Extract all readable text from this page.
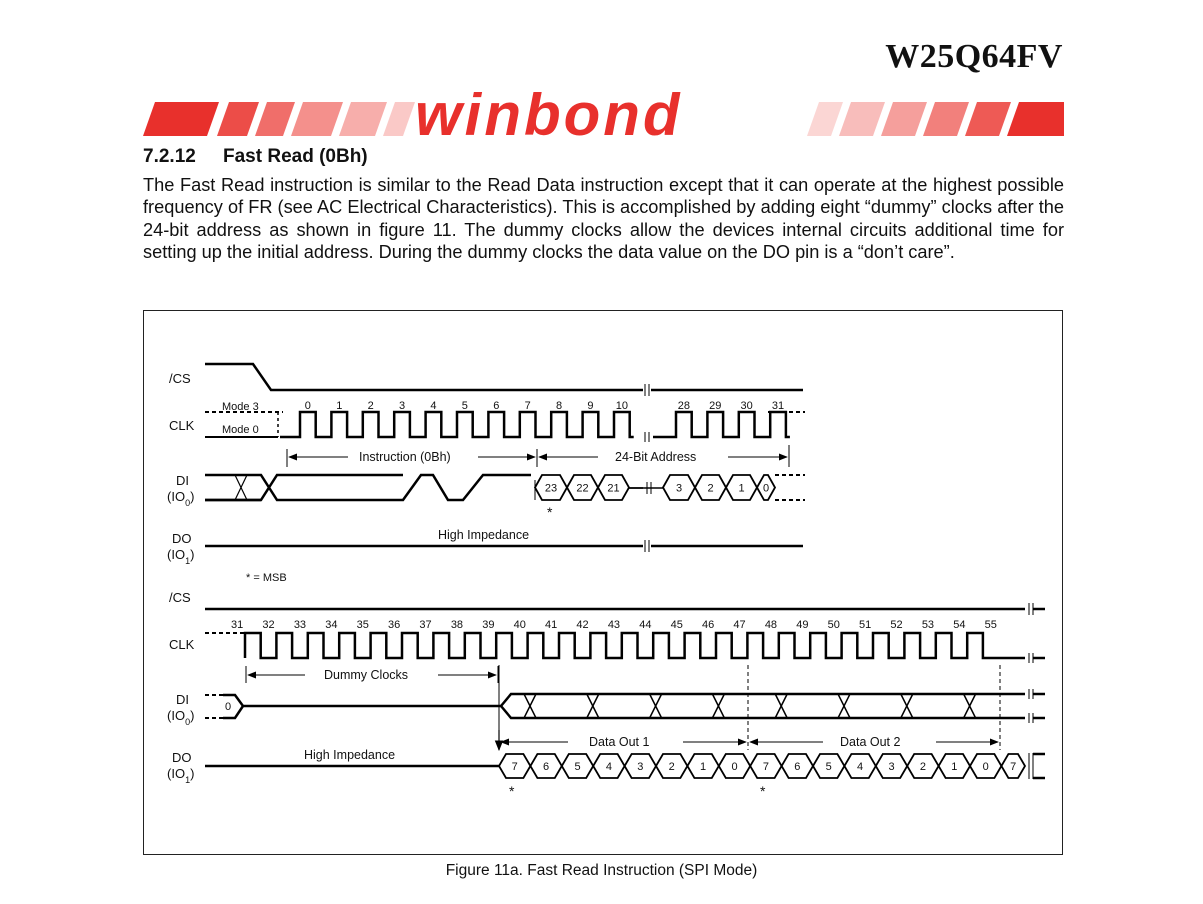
W25Q64FV
winbond
7.2.12 Fast Read (0Bh)
The Fast Read instruction is similar to the Read Data instruction except that it can operate at the highest possible frequency of FR (see AC Electrical Characteristics). This is accomplished by adding eight “dummy” clocks after the 24-bit address as shown in figure 11. The dummy clocks allow the devices internal circuits additional time for setting up the initial address. During the dummy clocks the data value on the DO pin is a “don’t care”.
/CS
CLK
DI
$(IO_0)$
DO
$(IO_1)$
Mode 3
Mode 0
Instruction (0Bh)	24-Bit Address
High Impedance
* = MSB
*
/CS
CLK
DI
$(IO_0)$
DO
$(IO_1)$
Dummy Clocks
0
Data Out 1	Data Out 2
High Impedance
*	*
0 1 2 3 4 5 6 7 8 9 10	28 29 30 31
31 32 33 34 35 36 37 38 39 40 41 42 43 44 45 46 47 48 49 50 51 52 53 54 55
23 22 21	3 2 1 0
7 6 5 4 3 2 1 0 7 6 5 4 3 2 1 0 7
Figure 11a. Fast Read Instruction (SPI Mode)
